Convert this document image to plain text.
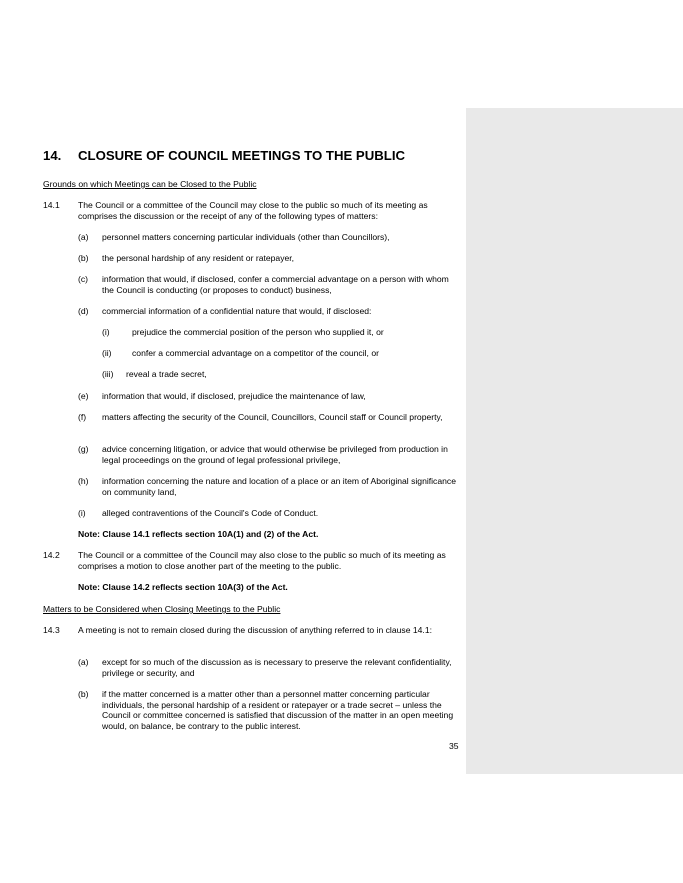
14. CLOSURE OF COUNCIL MEETINGS TO THE PUBLIC
Grounds on which Meetings can be Closed to the Public
14.1 The Council or a committee of the Council may close to the public so much of its meeting as comprises the discussion or the receipt of any of the following types of matters:
(a) personnel matters concerning particular individuals (other than Councillors),
(b) the personal hardship of any resident or ratepayer,
(c) information that would, if disclosed, confer a commercial advantage on a person with whom the Council is conducting (or proposes to conduct) business,
(d) commercial information of a confidential nature that would, if disclosed:
(i)	prejudice the commercial position of the person who supplied it, or
(ii) confer a commercial advantage on a competitor of the council, or
(iii) reveal a trade secret,
(e) information that would, if disclosed, prejudice the maintenance of law,
(f) matters affecting the security of the Council, Councillors, Council staff or Council property,
(g) advice concerning litigation, or advice that would otherwise be privileged from production in legal proceedings on the ground of legal professional privilege,
(h) information concerning the nature and location of a place or an item of Aboriginal significance on community land,
(i) alleged contraventions of the Council's Code of Conduct.
Note: Clause 14.1 reflects section 10A(1) and (2) of the Act.
14.2 The Council or a committee of the Council may also close to the public so much of its meeting as comprises a motion to close another part of the meeting to the public.
Note: Clause 14.2 reflects section 10A(3) of the Act.
Matters to be Considered when Closing Meetings to the Public
14.3 A meeting is not to remain closed during the discussion of anything referred to in clause 14.1:
(a) except for so much of the discussion as is necessary to preserve the relevant confidentiality, privilege or security, and
(b) if the matter concerned is a matter other than a personnel matter concerning particular individuals, the personal hardship of a resident or ratepayer or a trade secret – unless the Council or committee concerned is satisfied that discussion of the matter in an open meeting would, on balance, be contrary to the public interest.
35
